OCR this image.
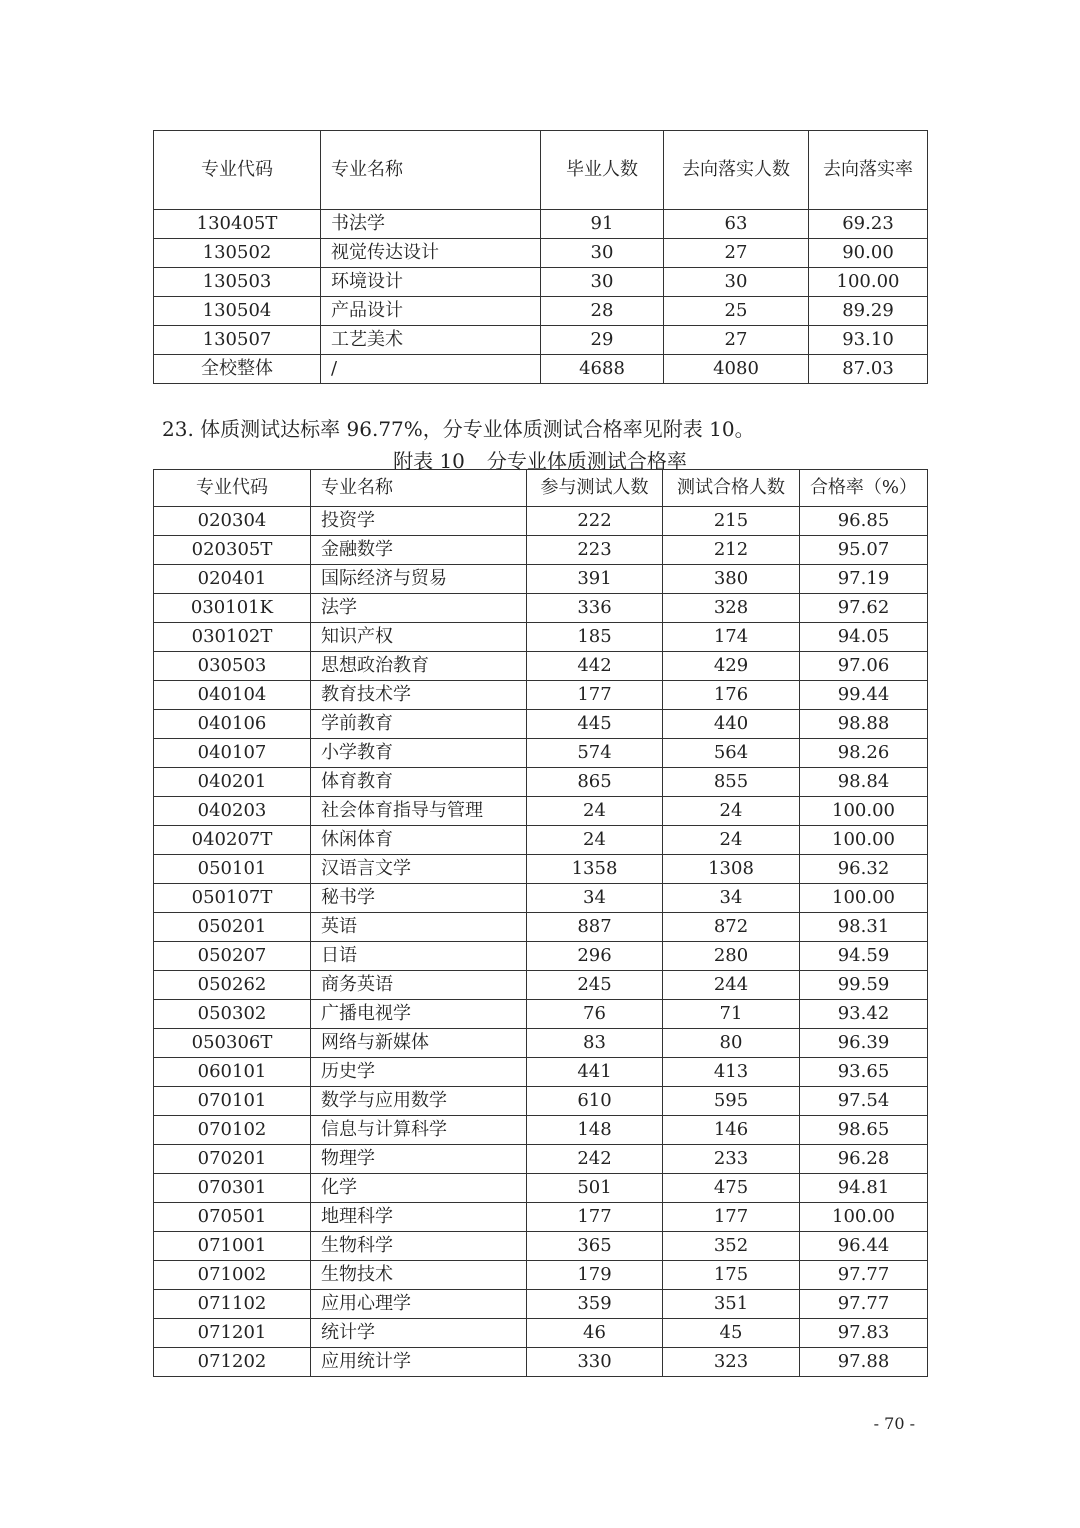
专业代码	专业名称	毕业人数	去向落实人数	去向落实率
130405T	书法学	91	63	69.23
130502	视觉传达设计	30	27	90.00
130503	环境设计	30	30	100.00
130504	产品设计	28	25	89.29
130507	工艺美术	29	27	93.10
全校整体	/	4688	4080	87.03
23. 体质测试达标率 96.77%，分专业体质测试合格率见附表 10。
附表 10 分专业体质测试合格率
专业代码	专业名称	参与测试人数	测试合格人数	合格率（%）
020304	投资学	222	215	96.85
020305T	金融数学	223	212	95.07
020401	国际经济与贸易	391	380	97.19
030101K	法学	336	328	97.62
030102T	知识产权	185	174	94.05
030503	思想政治教育	442	429	97.06
040104	教育技术学	177	176	99.44
040106	学前教育	445	440	98.88
040107	小学教育	574	564	98.26
040201	体育教育	865	855	98.84
040203	社会体育指导与管理	24	24	100.00
040207T	休闲体育	24	24	100.00
050101	汉语言文学	1358	1308	96.32
050107T	秘书学	34	34	100.00
050201	英语	887	872	98.31
050207	日语	296	280	94.59
050262	商务英语	245	244	99.59
050302	广播电视学	76	71	93.42
050306T	网络与新媒体	83	80	96.39
060101	历史学	441	413	93.65
070101	数学与应用数学	610	595	97.54
070102	信息与计算科学	148	146	98.65
070201	物理学	242	233	96.28
070301	化学	501	475	94.81
070501	地理科学	177	177	100.00
071001	生物科学	365	352	96.44
071002	生物技术	179	175	97.77
071102	应用心理学	359	351	97.77
071201	统计学	46	45	97.83
071202	应用统计学	330	323	97.88
- 70 -
